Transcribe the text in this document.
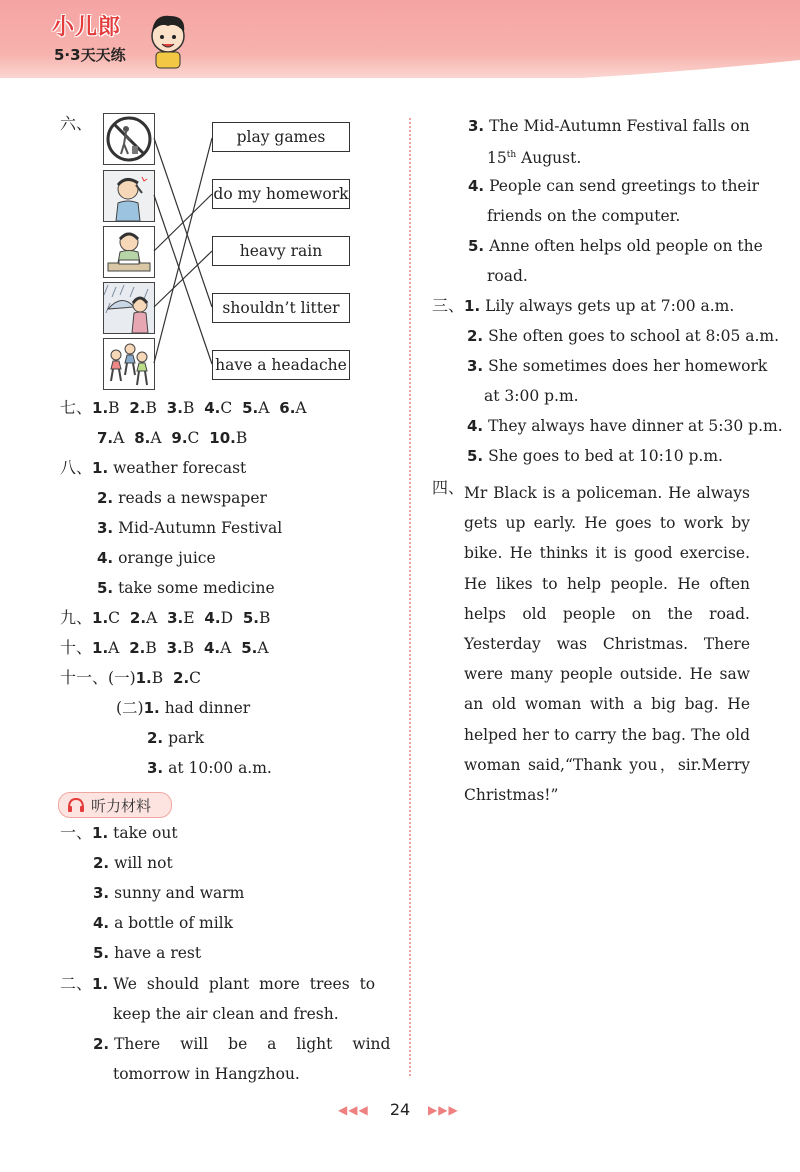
小儿郎
5·3天天练
六、
play games
do my homework
heavy rain
shouldn’t litter
have a headache
七、1.B 2.B 3.B 4.C 5.A 6.A
7.A 8.A 9.C 10.B
八、1. weather forecast
2. reads a newspaper
3. Mid-Autumn Festival
4. orange juice
5. take some medicine
九、1.C 2.A 3.E 4.D 5.B
十、1.A 2.B 3.B 4.A 5.A
十一、(一)1.B 2.C
(二)1. had dinner
2. park
3. at 10:00 a.m.
听力材料
一、1. take out
2. will not
3. sunny and warm
4. a bottle of milk
5. have a rest
二、1. We should plant more trees to
keep the air clean and fresh.
2. There will be a light wind
tomorrow in Hangzhou.
3. The Mid-Autumn Festival falls on
15th August.
4. People can send greetings to their
friends on the computer.
5. Anne often helps old people on the
road.
三、1. Lily always gets up at 7:00 a.m.
2. She often goes to school at 8:05 a.m.
3. She sometimes does her homework
at 3:00 p.m.
4. They always have dinner at 5:30 p.m.
5. She goes to bed at 10:10 p.m.
四、 Mr Black is a policeman. He always gets up early. He goes to work by bike. He thinks it is good exercise. He likes to help people. He often helps old people on the road. Yesterday was Christmas. There were many people outside. He saw an old woman with a big bag. He helped her to carry the bag. The old woman said,“Thank you，sir.Merry Christmas!”
◀◀◀	24	▶▶▶
